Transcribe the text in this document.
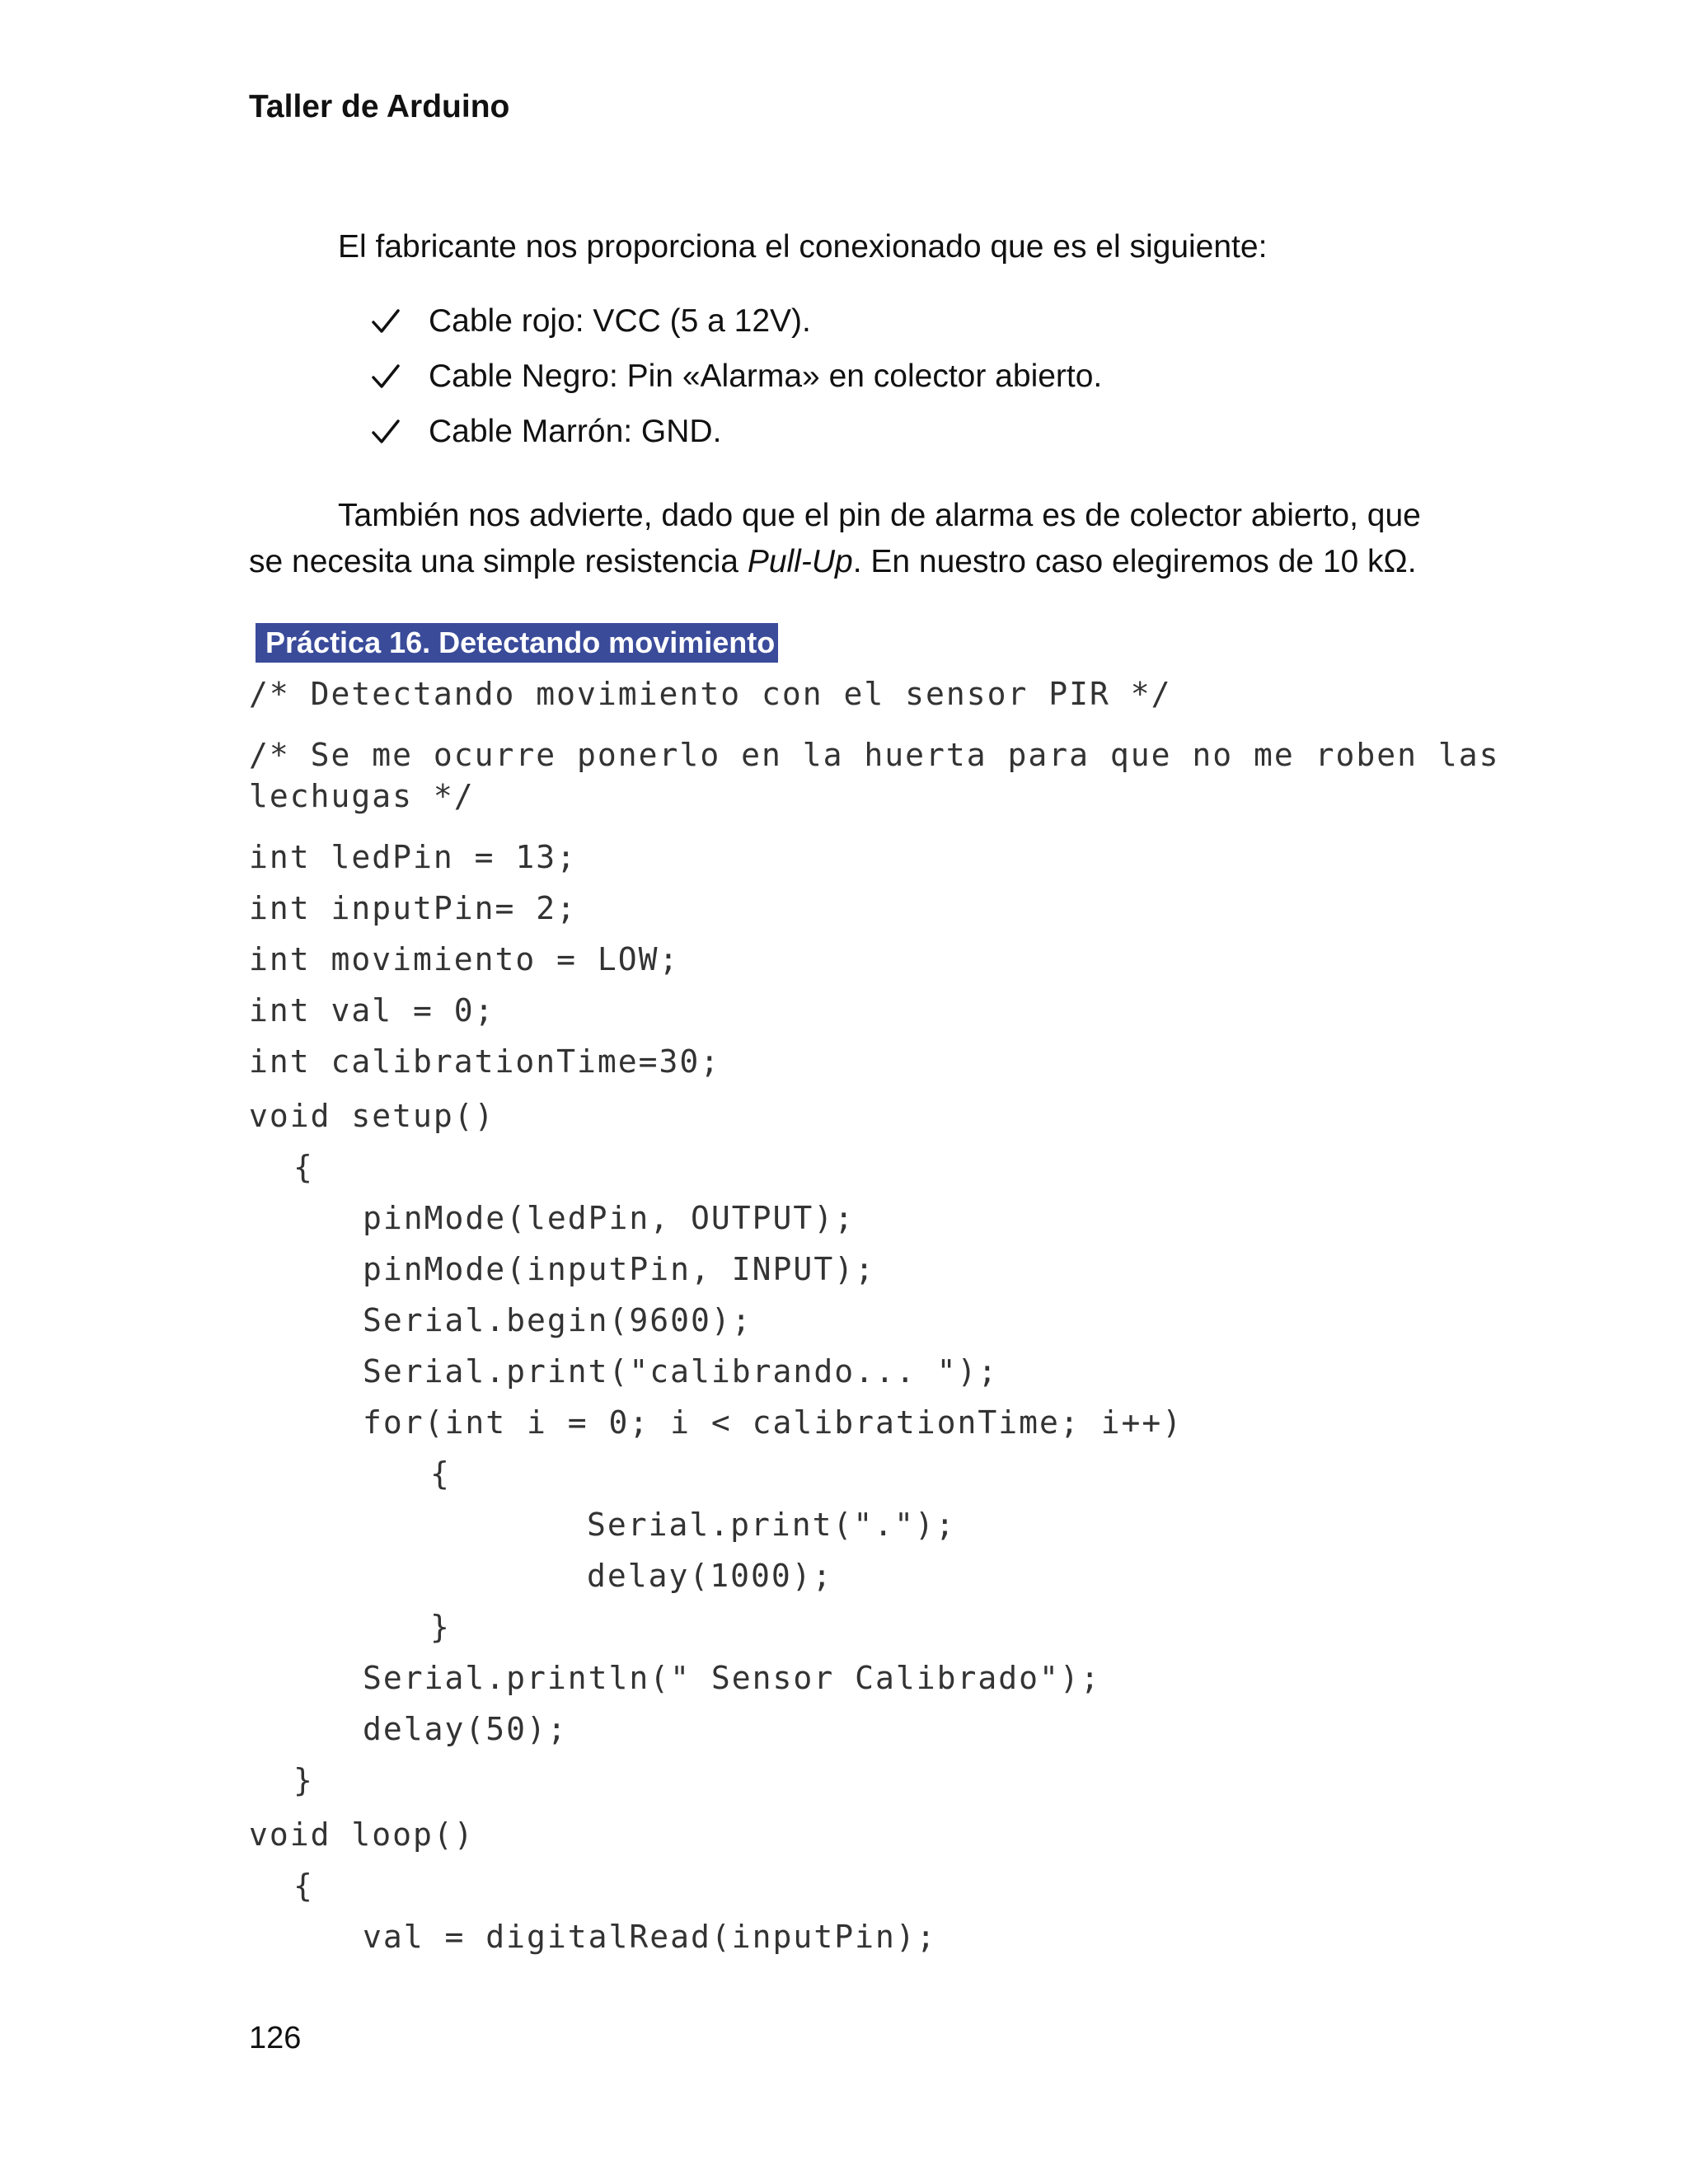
Taller de Arduino
El fabricante nos proporciona el conexionado que es el siguiente:
Cable rojo: VCC (5 a 12V).
Cable Negro: Pin «Alarma» en colector abierto.
Cable Marrón: GND.
También nos advierte, dado que el pin de alarma es de colector abierto, que se necesita una simple resistencia Pull-Up. En nuestro caso elegiremos de 10 kΩ.
Práctica 16. Detectando movimiento
/* Detectando movimiento con el sensor PIR */
/* Se me ocurre ponerlo en la huerta para que no me roben las
lechugas */
int ledPin = 13;
int inputPin= 2;
int movimiento = LOW;
int val = 0;
int calibrationTime=30;
void setup()
{
pinMode(ledPin, OUTPUT);
pinMode(inputPin, INPUT);
Serial.begin(9600);
Serial.print("calibrando... ");
for(int i = 0; i < calibrationTime; i++)
{
Serial.print(".");
delay(1000);
}
Serial.println(" Sensor Calibrado");
delay(50);
}
void loop()
{
val = digitalRead(inputPin);
126
